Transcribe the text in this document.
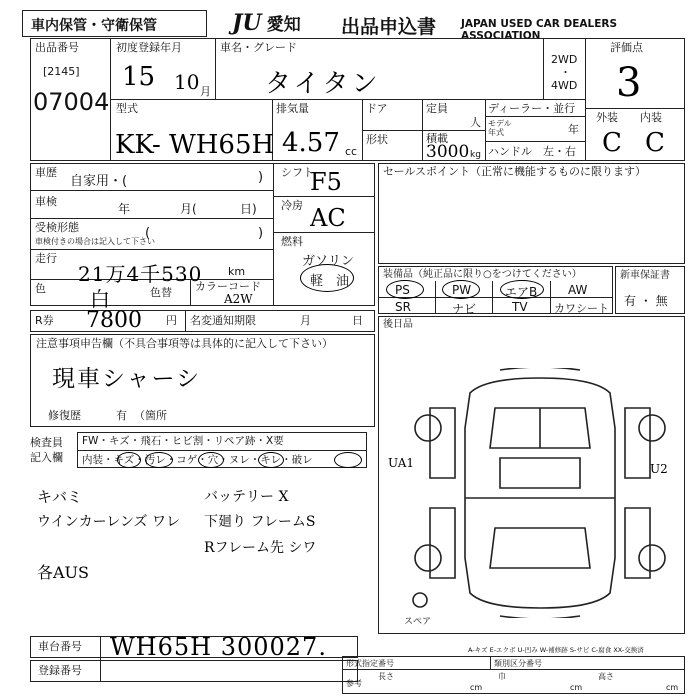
車内保管・守衛保管	JU 愛知 出品申込書 JAPAN USED CAR DEALERS ASSOCIATION
出品番号
[2145]
07004
初度登録年月
15 10 月
車名・グレード
タイタン
2WD
・
4WD
評価点
3
外装 内装
C C
型式
KK- WH65H
排気量
4.57 cc
ドア
形状
定員
人
積載
3000 kg
ディーラー・並行
モデル
年式	年
ハンドル 左・右
車歴
自家用・(	)
車検
年	月(	日)
受検形態
車検付きの場合は記入して下さい
(	)
走行
21万4千530 km
色 白	色替 カラーコード
A2W
シフト
F5
冷房 AC
燃料
ガソリン
軽　油
セールスポイント（正常に機能するものに限ります）
装備品（純正品に限り○をつけてください）
PS	PW	エアB	AW
SR	ナビ	TV カワシート
新車保証書
有 ・ 無
R券 7800 円 名変通知期限	月	日
注意事項申告欄（不具合事項等は具体的に記入して下さい）
現車シャーシ
修復歴	有 （箇所
後日品
検査員
記入欄
FW・キズ・飛石・ヒビ割・リペア跡・X要
内装・キズ・汚レ・コゲ・穴・ヌレ・キレ・破レ
キバミ
ウインカーレンズ ワレ
各AUS
バッテリー X
下廻り フレームS
Rフレーム先 シワ
UA1	U2
スペア
車台番号 WH65H 300027.
登録番号
A-キズ E-エクボ U-凹み W-補修跡 S-サビ C-腐食 XX-交換済
形式指定番号	類別区分番号
参考
長さ
cm
巾
cm
高さ
cm
